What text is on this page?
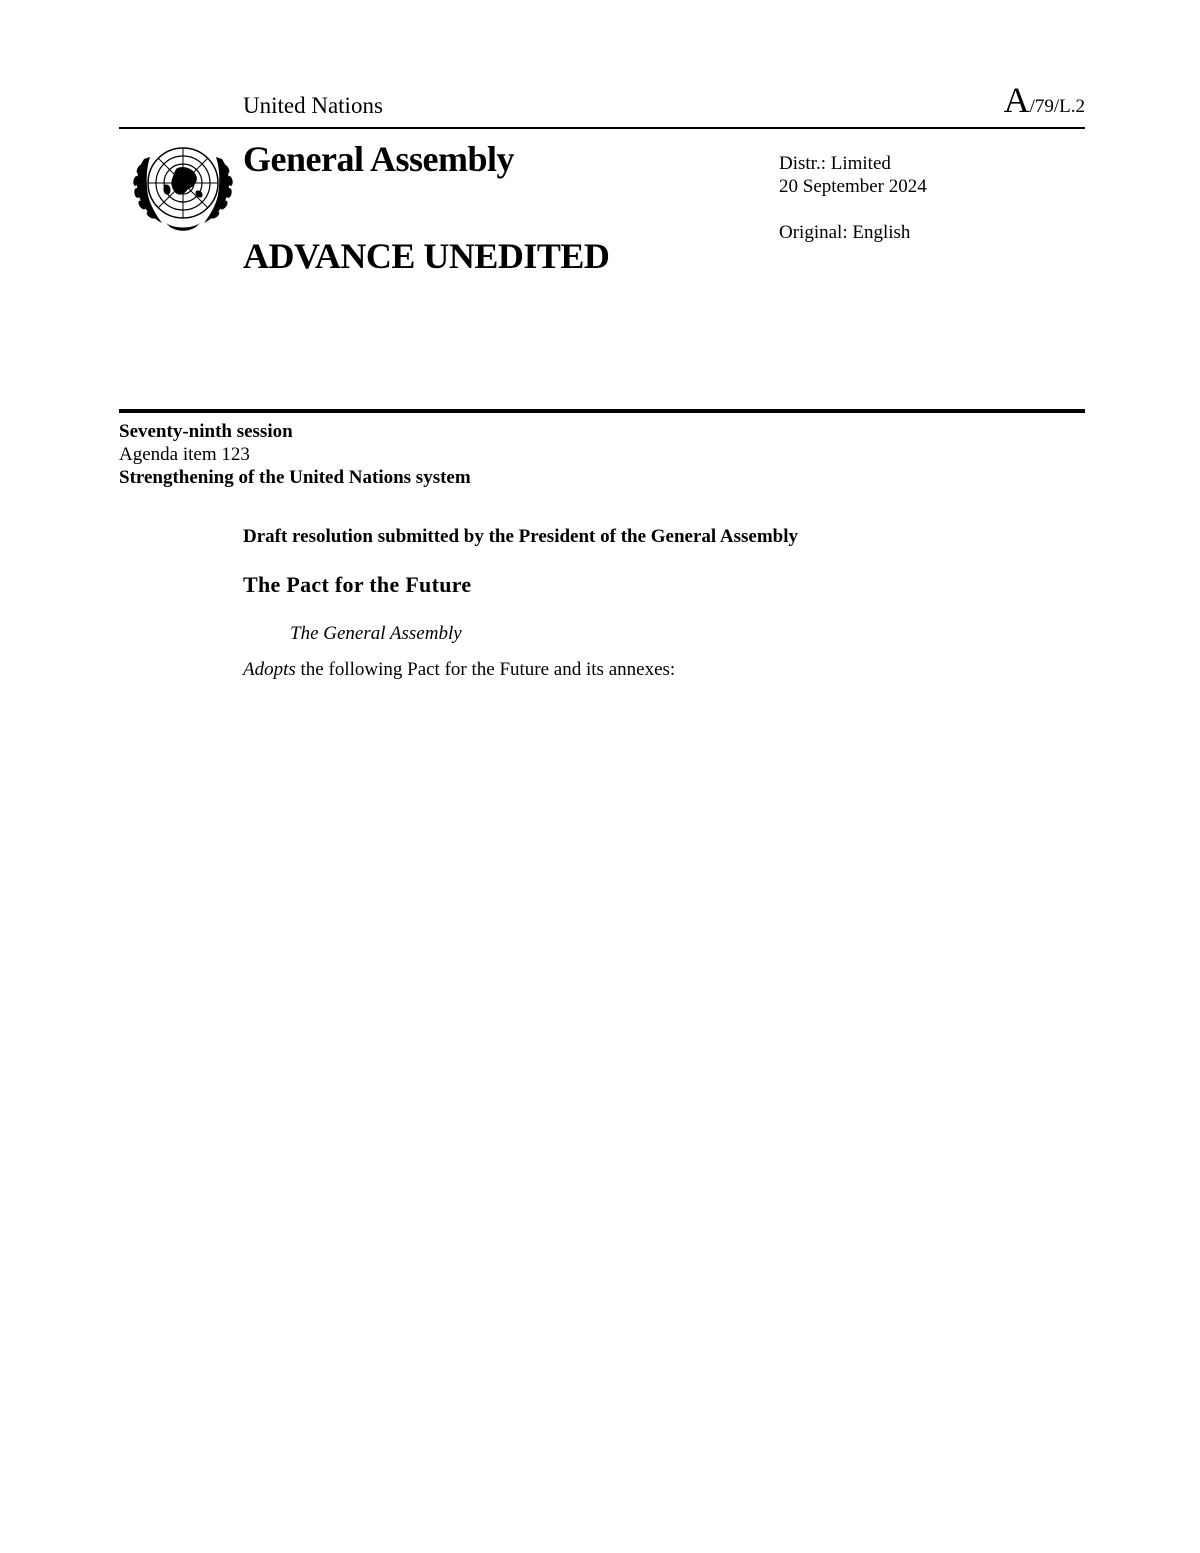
United Nations	A/79/L.2
General Assembly
ADVANCE UNEDITED
Distr.: Limited
20 September 2024
Original: English
Seventy-ninth session
Agenda item 123
Strengthening of the United Nations system
Draft resolution submitted by the President of the General Assembly
The Pact for the Future
The General Assembly
Adopts the following Pact for the Future and its annexes:
